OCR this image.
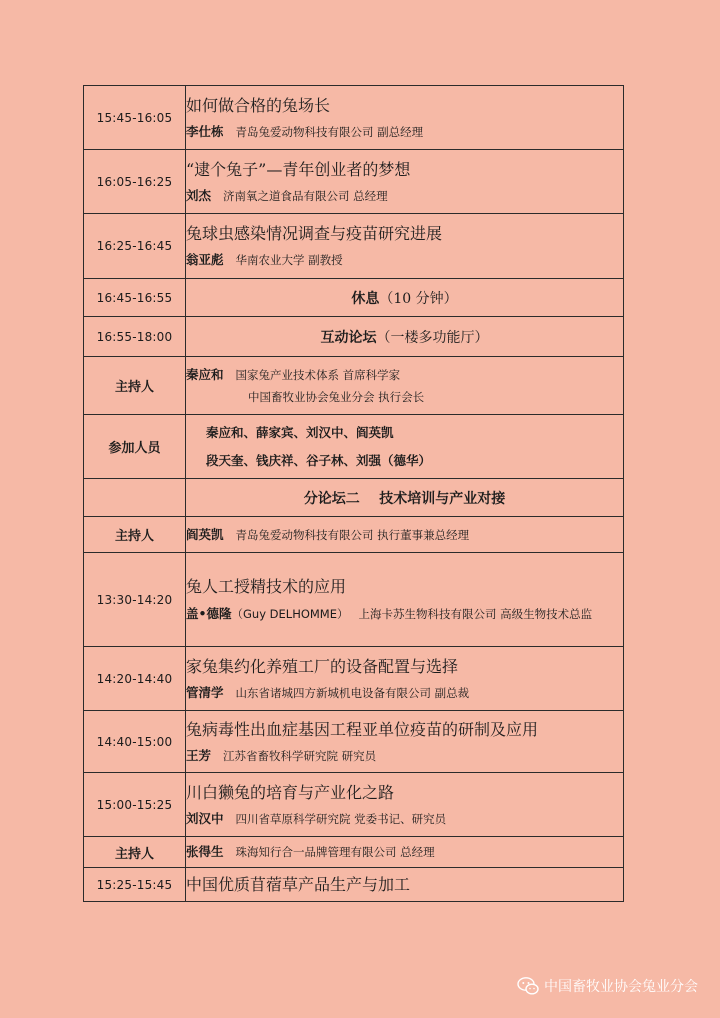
15:45-16:05	如何做合格的兔场长
李仕栋 青岛兔爱动物科技有限公司 副总经理

16:05-16:25	“逮个兔子”—青年创业者的梦想
刘杰 济南氧之道食品有限公司 总经理

16:25-16:45	兔球虫感染情况调查与疫苗研究进展
翁亚彪 华南农业大学 副教授

16:45-16:55	休息（10 分钟）

16:55-18:00	互动论坛（一楼多功能厅）

主持人	秦应和 国家兔产业技术体系 首席科学家
中国畜牧业协会兔业分会 执行会长

参加人员	秦应和、薛家宾、刘汉中、阎英凯
段天奎、钱庆祥、谷子林、刘强（德华）

	分论坛二    技术培训与产业对接

主持人	阎英凯 青岛兔爱动物科技有限公司 执行董事兼总经理

13:30-14:20	兔人工授精技术的应用
盖•德隆（Guy DELHOMME） 上海卡苏生物科技有限公司 高级生物技术总监

14:20-14:40	家兔集约化养殖工厂的设备配置与选择
管清学 山东省诸城四方新城机电设备有限公司 副总裁

14:40-15:00	兔病毒性出血症基因工程亚单位疫苗的研制及应用
王芳 江苏省畜牧科学研究院 研究员

15:00-15:25	川白獭兔的培育与产业化之路
刘汉中 四川省草原科学研究院 党委书记、研究员

主持人	张得生 珠海知行合一品牌管理有限公司 总经理

15:25-15:45	中国优质苜蓿草产品生产与加工
中国畜牧业协会兔业分会
